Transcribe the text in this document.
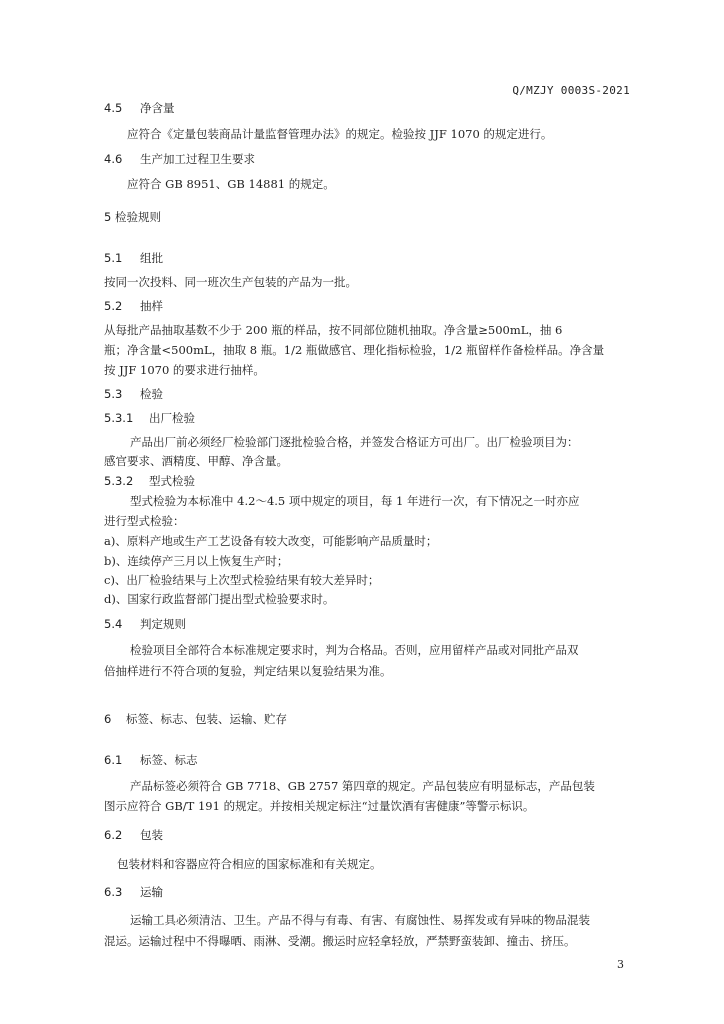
Q/MZJY 0003S-2021
4.5 净含量
应符合《定量包装商品计量监督管理办法》的规定。检验按 JJF 1070 的规定进行。
4.6 生产加工过程卫生要求
应符合 GB 8951、GB 14881 的规定。
5 检验规则
5.1 组批
按同一次投料、同一班次生产包装的产品为一批。
5.2 抽样
从每批产品抽取基数不少于 200 瓶的样品，按不同部位随机抽取。净含量≥500mL，抽 6
瓶；净含量<500mL，抽取 8 瓶。1/2 瓶做感官、理化指标检验，1/2 瓶留样作备检样品。净含量
按 JJF 1070 的要求进行抽样。
5.3 检验
5.3.1 出厂检验
产品出厂前必须经厂检验部门逐批检验合格，并签发合格证方可出厂。出厂检验项目为：
感官要求、酒精度、甲醇、净含量。
5.3.2 型式检验
型式检验为本标准中 4.2～4.5 项中规定的项目，每 1 年进行一次，有下情况之一时亦应
进行型式检验：
a)、原料产地或生产工艺设备有较大改变，可能影响产品质量时；
b)、连续停产三月以上恢复生产时；
c)、出厂检验结果与上次型式检验结果有较大差异时；
d)、国家行政监督部门提出型式检验要求时。
5.4 判定规则
检验项目全部符合本标准规定要求时，判为合格品。否则，应用留样产品或对同批产品双
倍抽样进行不符合项的复验，判定结果以复验结果为准。
6 标签、标志、包装、运输、贮存
6.1 标签、标志
产品标签必须符合 GB 7718、GB 2757 第四章的规定。产品包装应有明显标志，产品包装
图示应符合 GB/T 191 的规定。并按相关规定标注“过量饮酒有害健康”等警示标识。
6.2 包装
包装材料和容器应符合相应的国家标准和有关规定。
6.3 运输
运输工具必须清洁、卫生。产品不得与有毒、有害、有腐蚀性、易挥发或有异味的物品混装
混运。运输过程中不得曝晒、雨淋、受潮。搬运时应轻拿轻放，严禁野蛮装卸、撞击、挤压。
3
